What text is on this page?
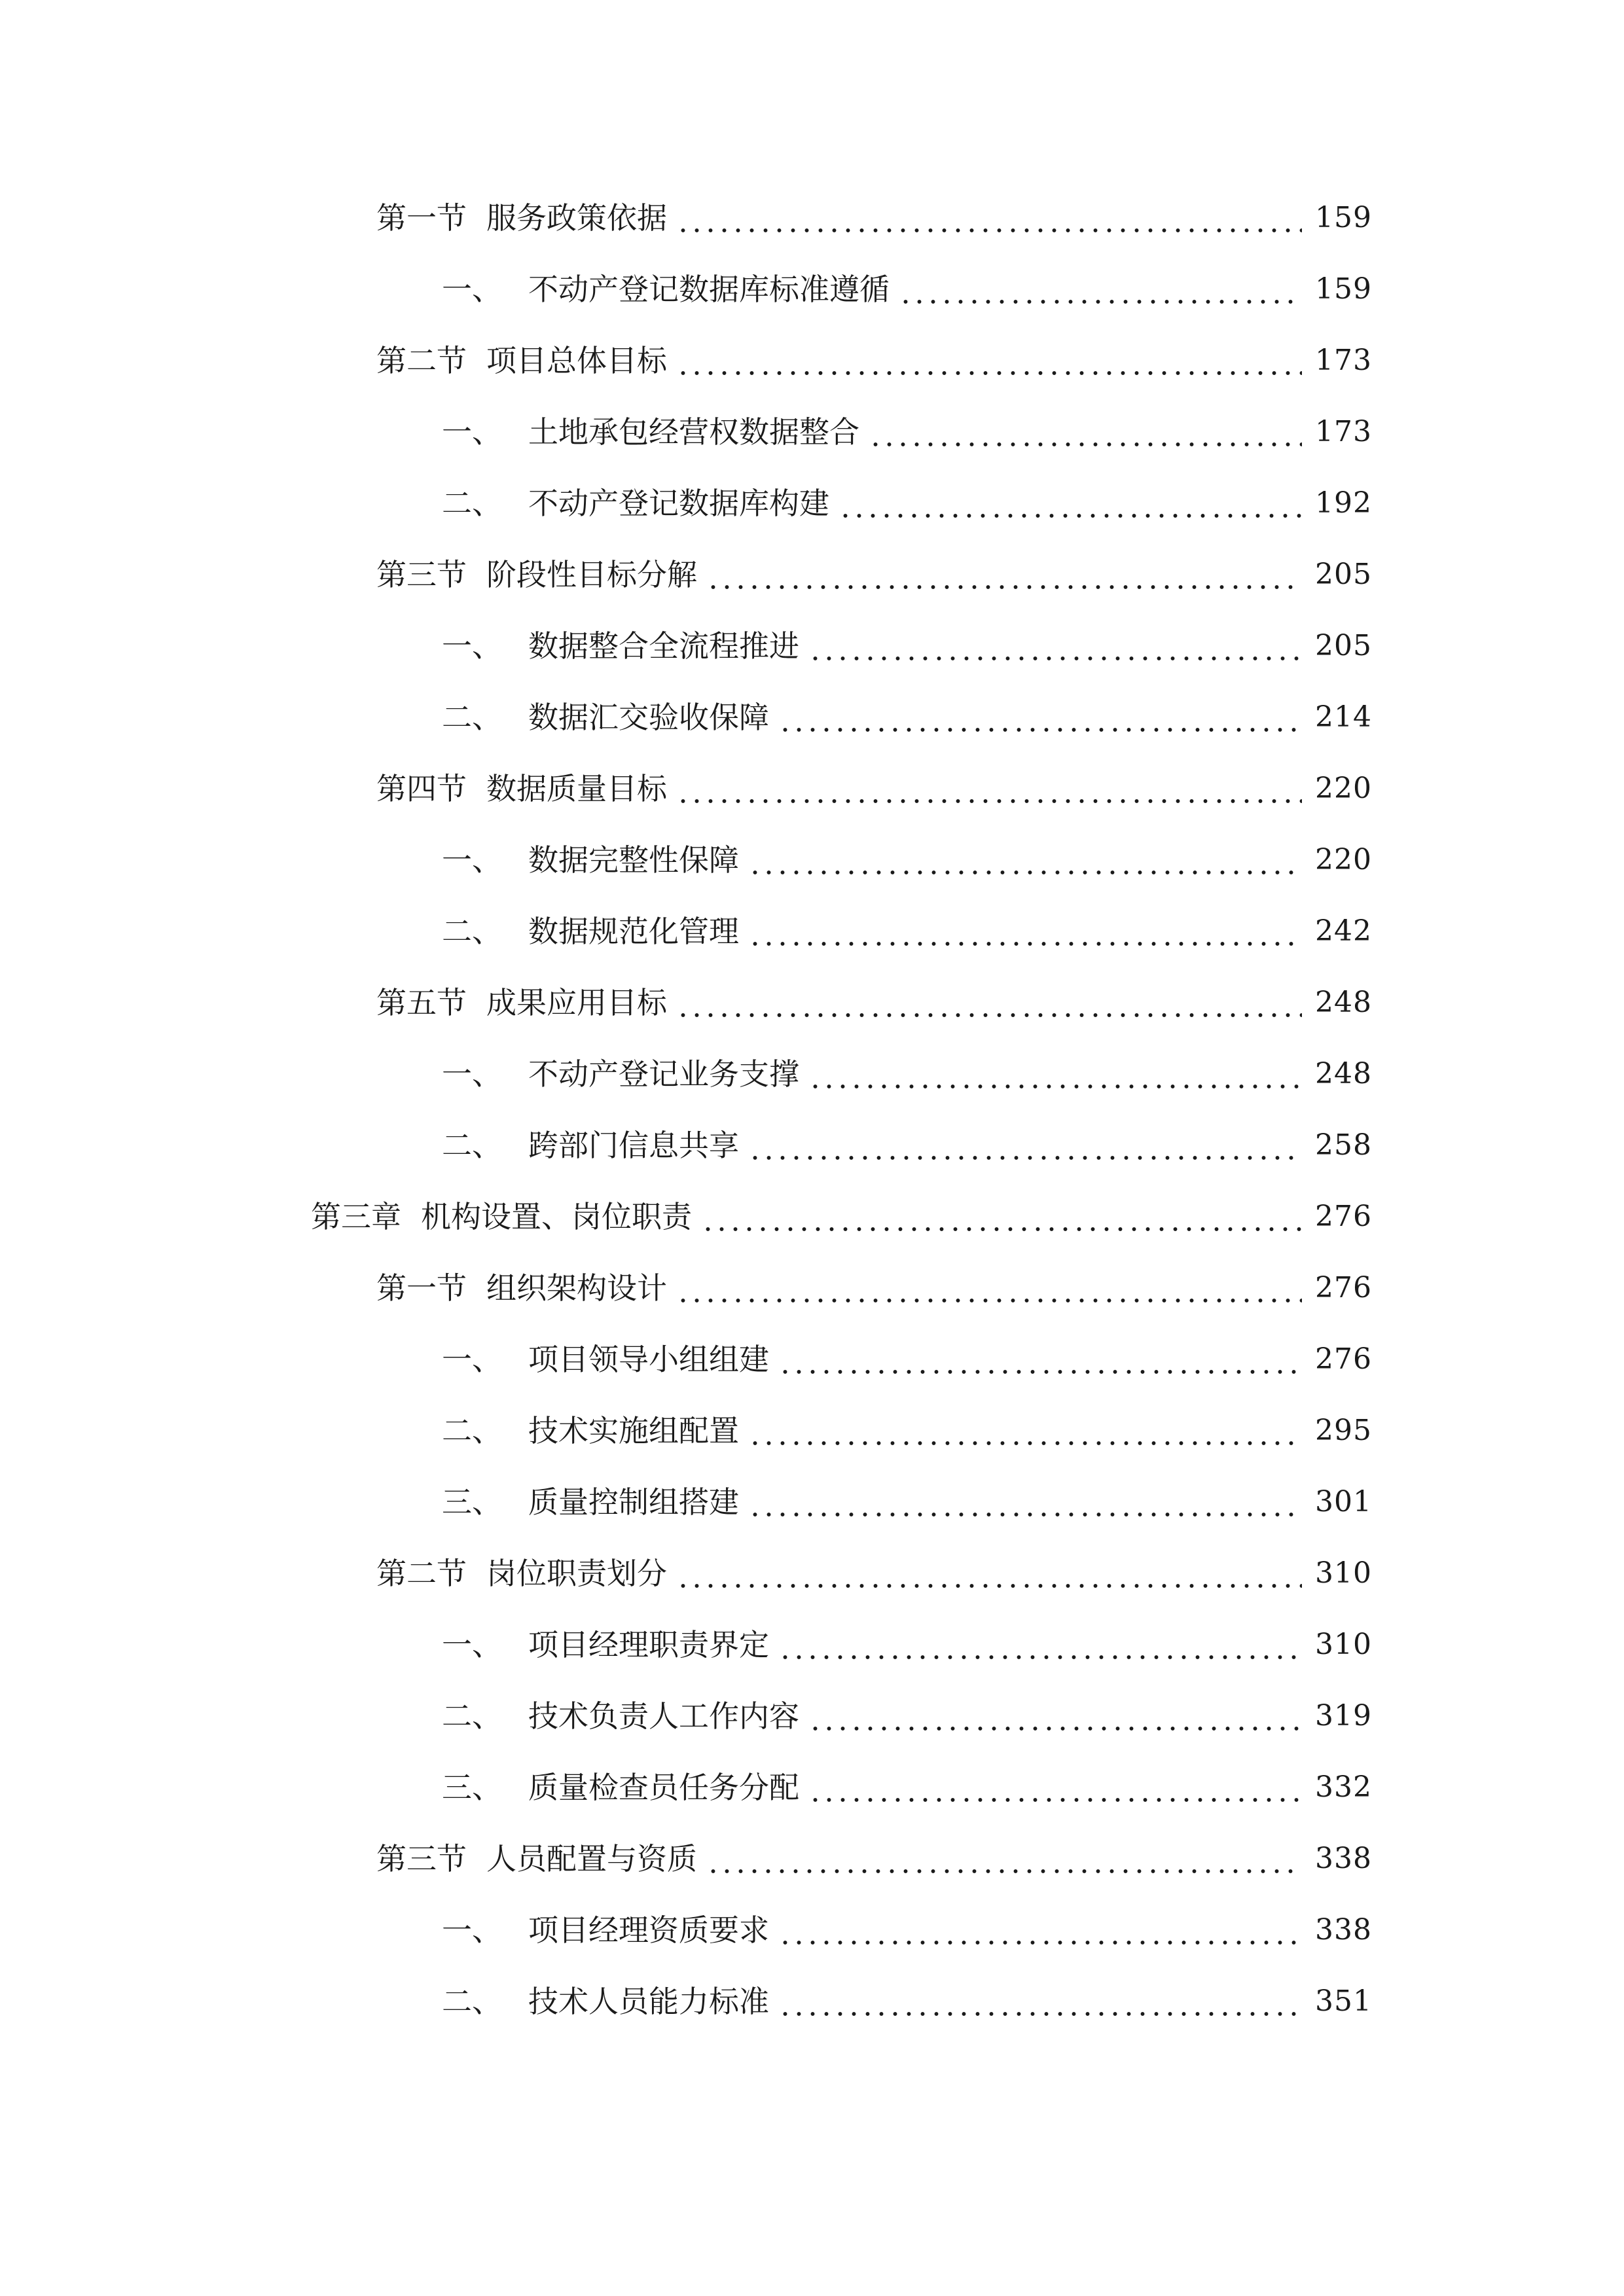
第一节 服务政策依据	159
一、 不动产登记数据库标准遵循	159
第二节 项目总体目标	173
一、 土地承包经营权数据整合	173
二、 不动产登记数据库构建	192
第三节 阶段性目标分解	205
一、 数据整合全流程推进	205
二、 数据汇交验收保障	214
第四节 数据质量目标	220
一、 数据完整性保障	220
二、 数据规范化管理	242
第五节 成果应用目标	248
一、 不动产登记业务支撑	248
二、 跨部门信息共享	258
第三章 机构设置、岗位职责	276
第一节 组织架构设计	276
一、 项目领导小组组建	276
二、 技术实施组配置	295
三、 质量控制组搭建	301
第二节 岗位职责划分	310
一、 项目经理职责界定	310
二、 技术负责人工作内容	319
三、 质量检查员任务分配	332
第三节 人员配置与资质	338
一、 项目经理资质要求	338
二、 技术人员能力标准	351
